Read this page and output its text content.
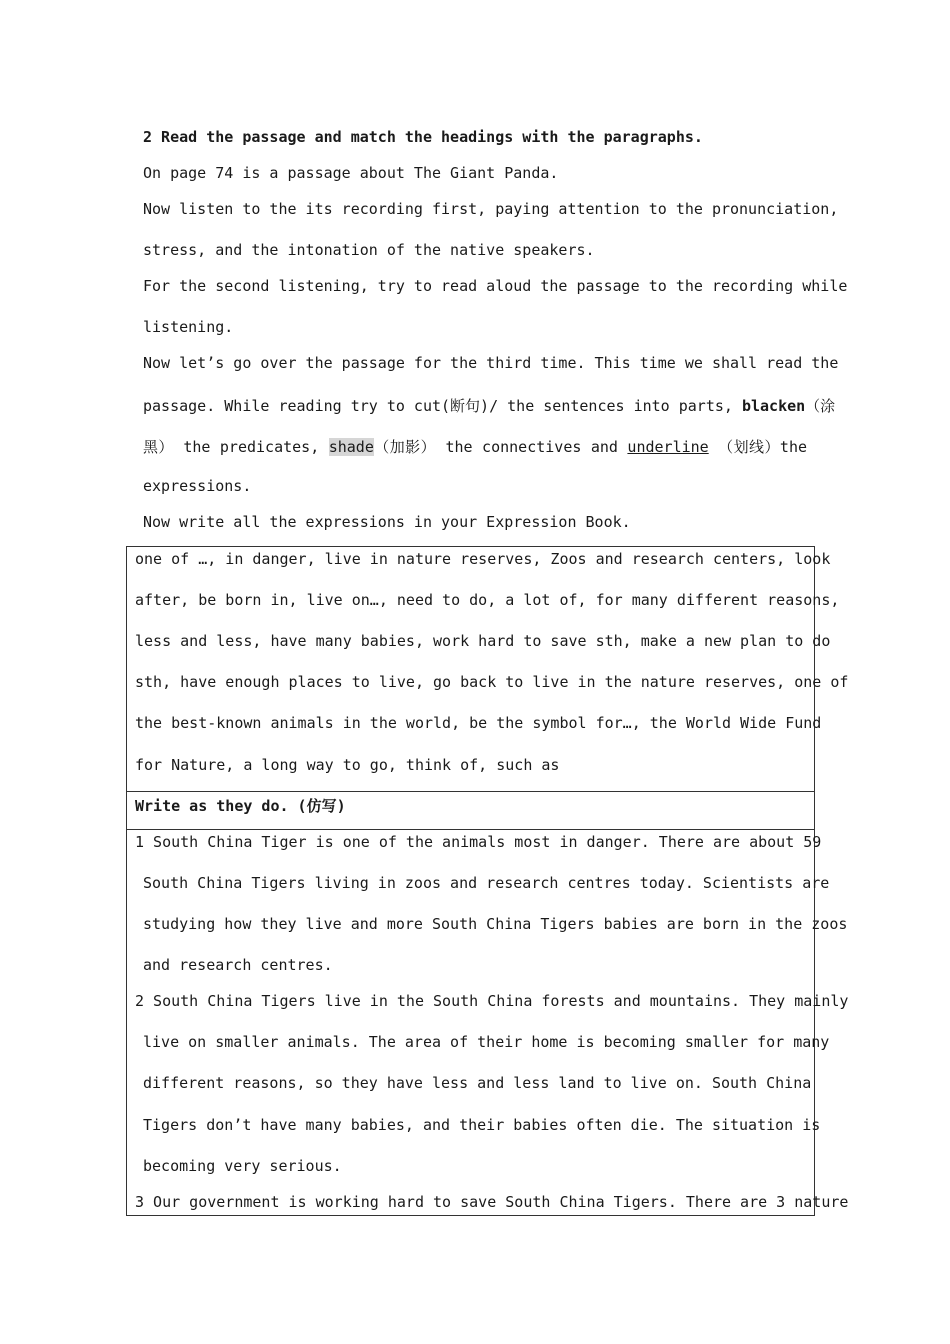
2 Read the passage and match the headings with the paragraphs.
On page 74 is a passage about The Giant Panda.
Now listen to the its recording first, paying attention to the pronunciation,
stress, and the intonation of the native speakers.
For the second listening, try to read aloud the passage to the recording while
listening.
Now let’s go over the passage for the third time. This time we shall read the
passage. While reading try to cut(断句)/ the sentences into parts, blacken（涂
黑） the predicates, shade（加影） the connectives and underline （划线）the
expressions.
Now write all the expressions in your Expression Book.
one of …, in danger, live in nature reserves, Zoos and research centers, look
after, be born in, live on…, need to do, a lot of, for many different reasons,
less and less, have many babies, work hard to save sth, make a new plan to do
sth, have enough places to live, go back to live in the nature reserves, one of
the best-known animals in the world, be the symbol for…, the World Wide Fund
for Nature, a long way to go, think of, such as
Write as they do. (仿写)
1 South China Tiger is one of the animals most in danger. There are about 59
South China Tigers living in zoos and research centres today. Scientists are
studying how they live and more South China Tigers babies are born in the zoos
and research centres.
2 South China Tigers live in the South China forests and mountains. They mainly
live on smaller animals. The area of their home is becoming smaller for many
different reasons, so they have less and less land to live on. South China
Tigers don’t have many babies, and their babies often die. The situation is
becoming very serious.
3 Our government is working hard to save South China Tigers. There are 3 nature
